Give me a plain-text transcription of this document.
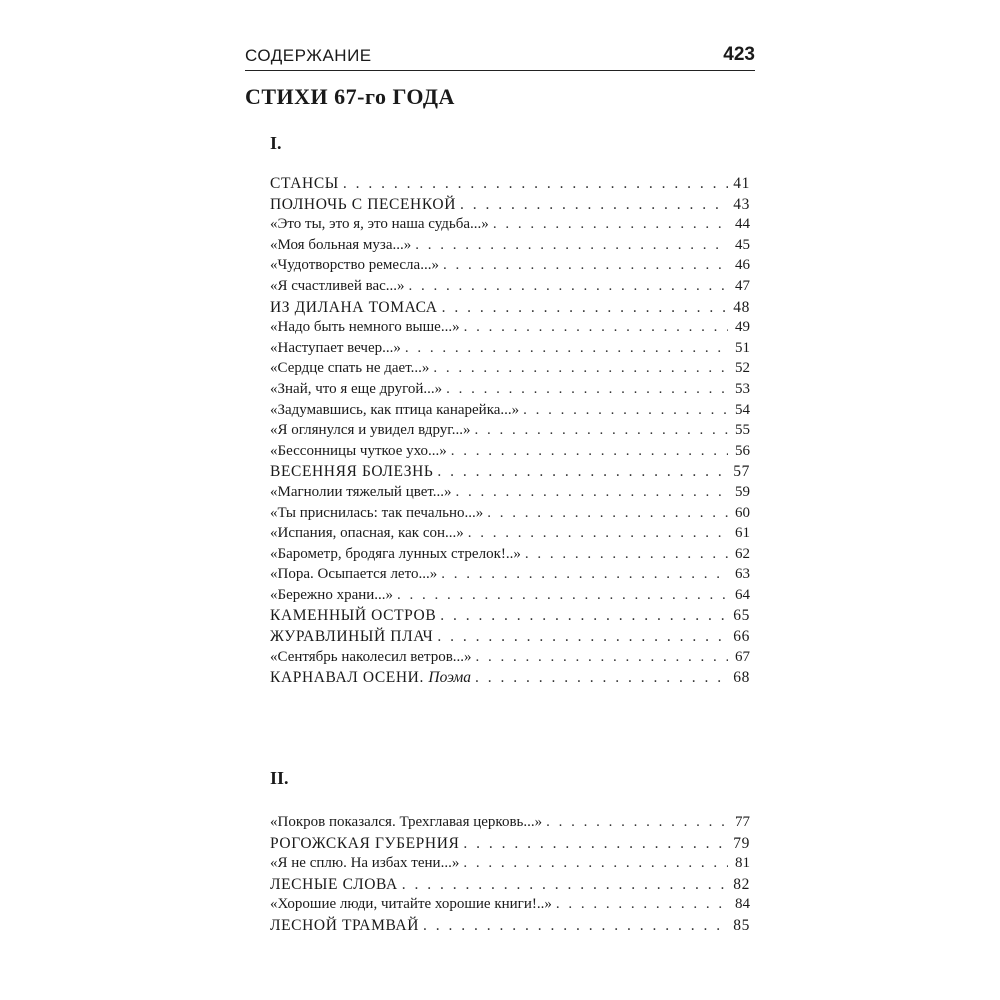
СОДЕРЖАНИЕ	423
СТИХИ 67-го ГОДА
I.
СТАНСЫ . . .	41
ПОЛНОЧЬ С ПЕСЕНКОЙ . . .	43
«Это ты, это я, это наша судьба...» . . .	44
«Моя больная муза...» . . .	45
«Чудотворство ремесла...» . . .	46
«Я счастливей вас...» . . .	47
ИЗ ДИЛАНА ТОМАСА . . .	48
«Надо быть немного выше...» . . .	49
«Наступает вечер...» . . .	51
«Сердце спать не дает...» . . .	52
«Знай, что я еще другой...» . . .	53
«Задумавшись, как птица канарейка...» . . .	54
«Я оглянулся и увидел вдруг...» . . .	55
«Бессонницы чуткое ухо...» . . .	56
ВЕСЕННЯЯ БОЛЕЗНЬ . . .	57
«Магнолии тяжелый цвет...» . . .	59
«Ты приснилась: так печально...» . . .	60
«Испания, опасная, как сон...» . . .	61
«Барометр, бродяга лунных стрелок!..» . . .	62
«Пора. Осыпается лето...» . . .	63
«Бережно храни...» . . .	64
КАМЕННЫЙ ОСТРОВ . . .	65
ЖУРАВЛИНЫЙ ПЛАЧ . . .	66
«Сентябрь наколесил ветров...» . . .	67
КАРНАВАЛ ОСЕНИ. Поэма . . .	68
II.
«Покров показался. Трехглавая церковь...» . . .	77
РОГОЖСКАЯ ГУБЕРНИЯ . . .	79
«Я не сплю. На избах тени...» . . .	81
ЛЕСНЫЕ СЛОВА . . .	82
«Хорошие люди, читайте хорошие книги!..» . . .	84
ЛЕСНОЙ ТРАМВАЙ . . .	85
